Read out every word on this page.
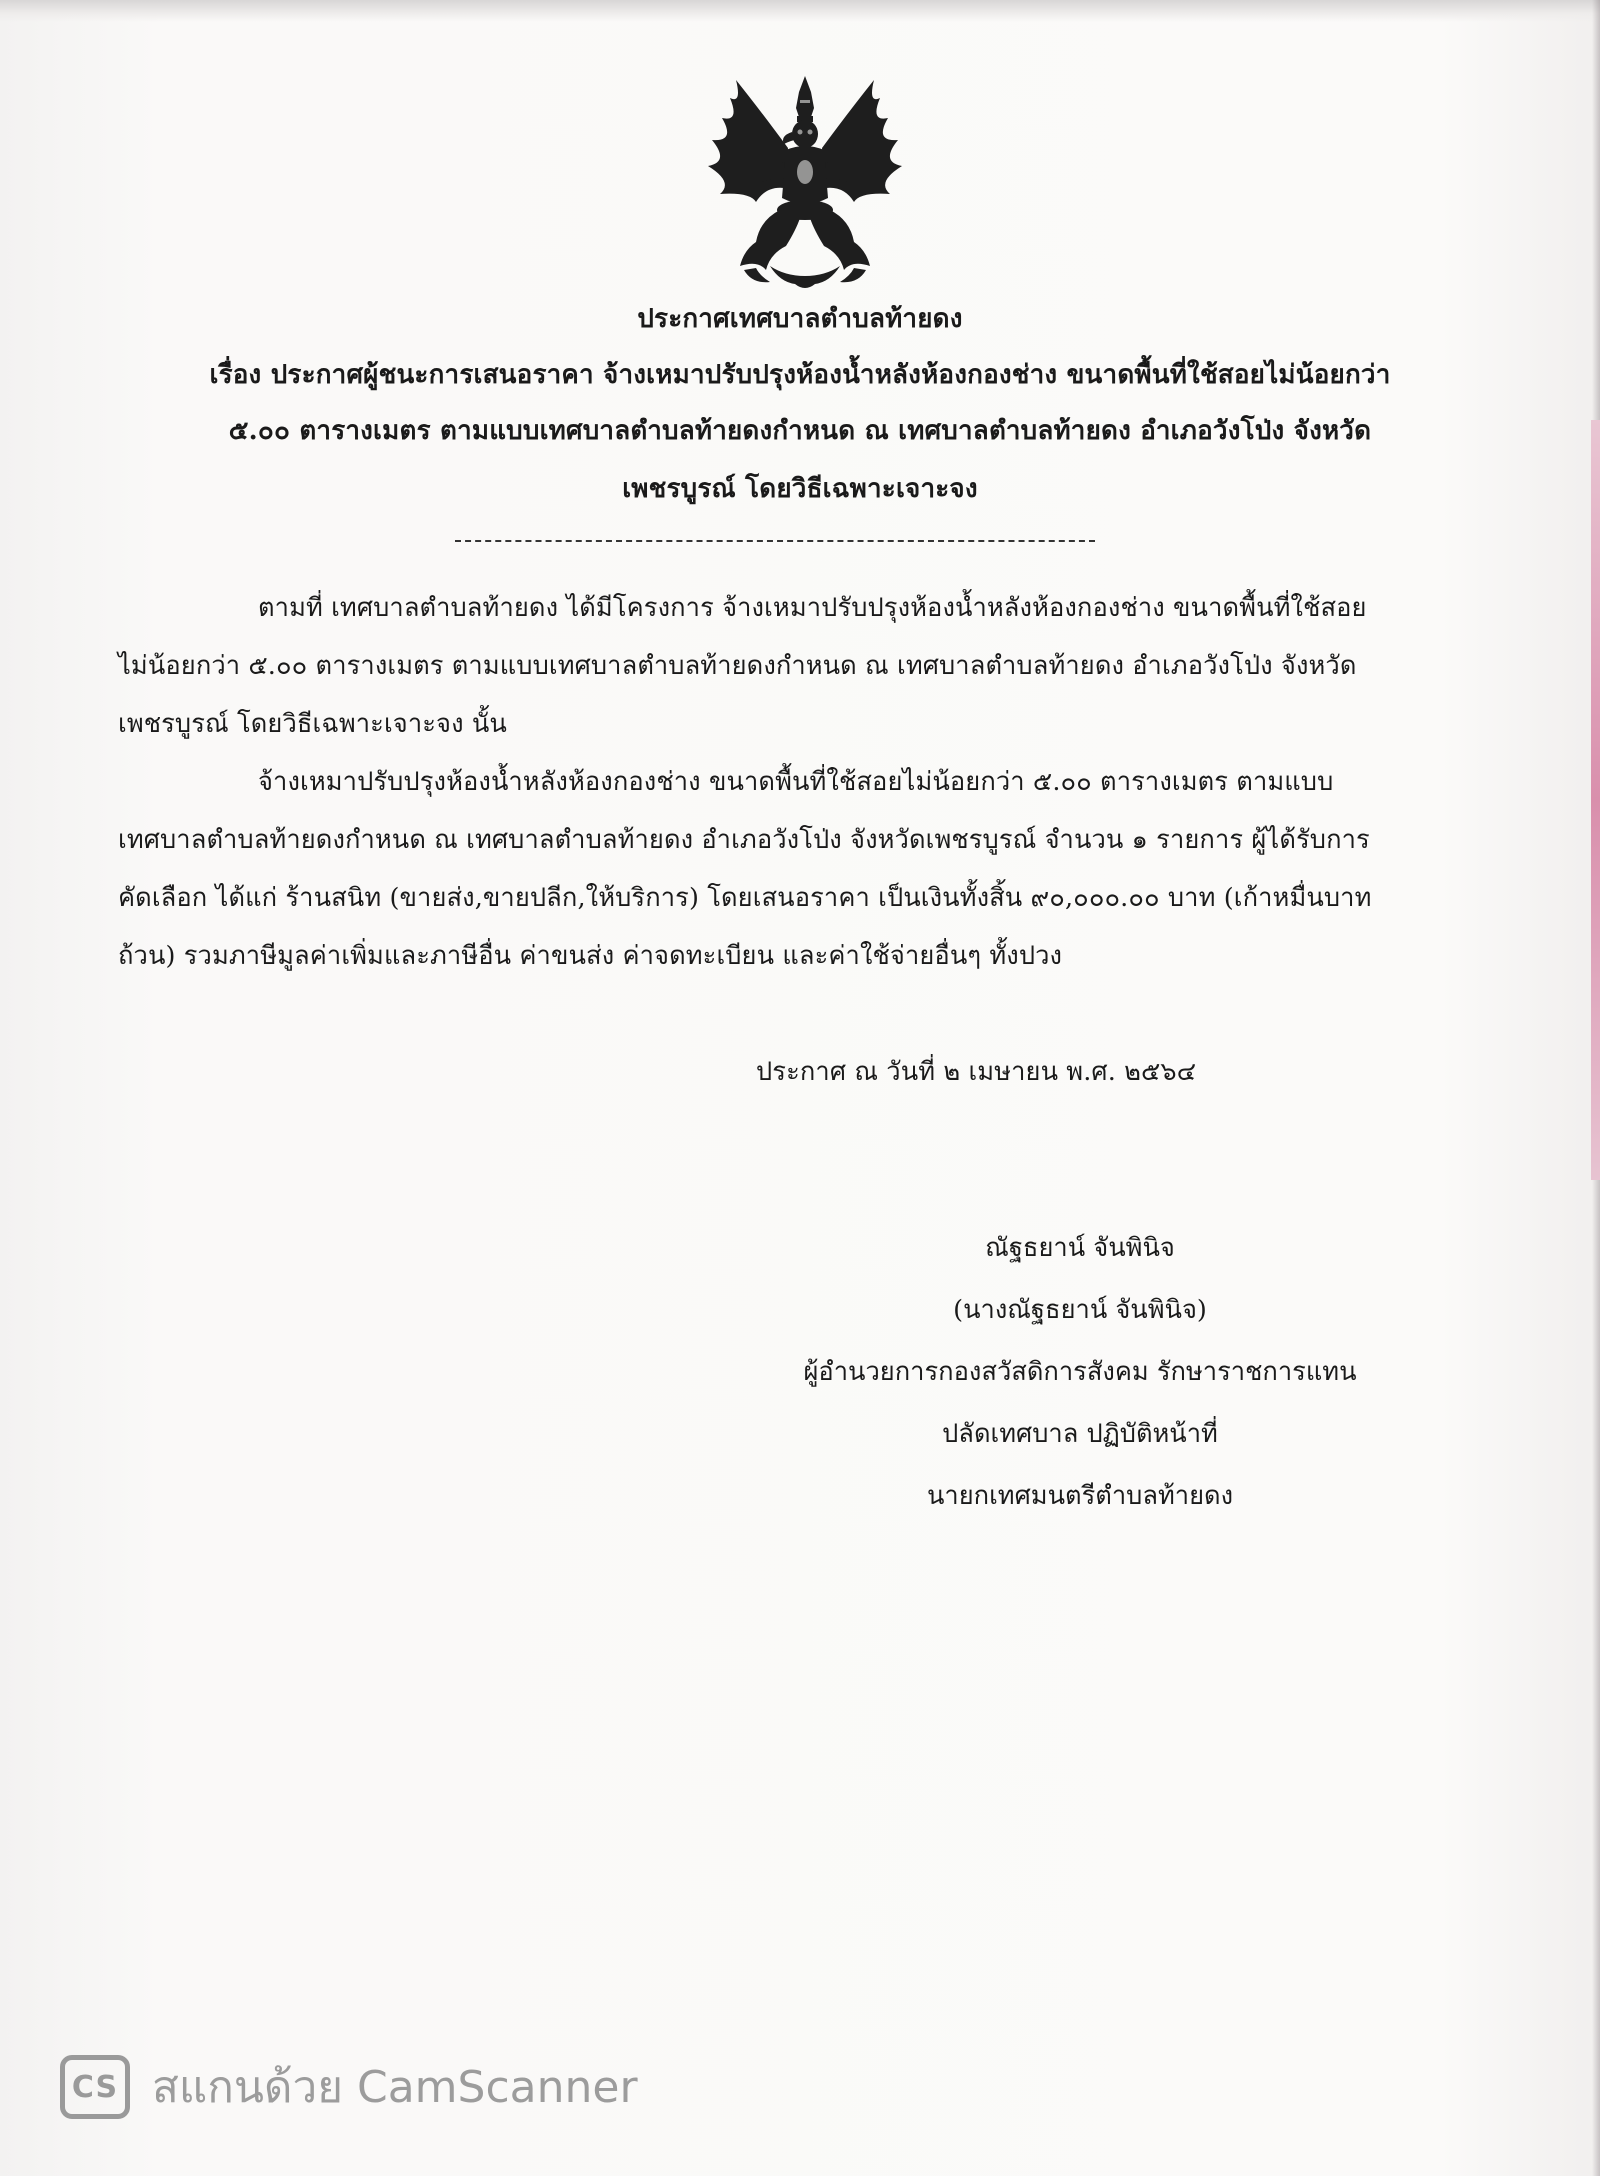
ประกาศเทศบาลตำบลท้ายดง
เรื่อง ประกาศผู้ชนะการเสนอราคา จ้างเหมาปรับปรุงห้องน้ำหลังห้องกองช่าง ขนาดพื้นที่ใช้สอยไม่น้อยกว่า
๕.๐๐ ตารางเมตร ตามแบบเทศบาลตำบลท้ายดงกำหนด ณ เทศบาลตำบลท้ายดง อำเภอวังโป่ง จังหวัด
เพชรบูรณ์ โดยวิธีเฉพาะเจาะจง
ตามที่ เทศบาลตำบลท้ายดง ได้มีโครงการ จ้างเหมาปรับปรุงห้องน้ำหลังห้องกองช่าง ขนาดพื้นที่ใช้สอย
ไม่น้อยกว่า ๕.๐๐ ตารางเมตร ตามแบบเทศบาลตำบลท้ายดงกำหนด ณ เทศบาลตำบลท้ายดง อำเภอวังโป่ง จังหวัด
เพชรบูรณ์ โดยวิธีเฉพาะเจาะจง นั้น
จ้างเหมาปรับปรุงห้องน้ำหลังห้องกองช่าง ขนาดพื้นที่ใช้สอยไม่น้อยกว่า ๕.๐๐ ตารางเมตร ตามแบบ
เทศบาลตำบลท้ายดงกำหนด ณ เทศบาลตำบลท้ายดง อำเภอวังโป่ง จังหวัดเพชรบูรณ์ จำนวน ๑ รายการ ผู้ได้รับการ
คัดเลือก ได้แก่ ร้านสนิท (ขายส่ง,ขายปลีก,ให้บริการ) โดยเสนอราคา เป็นเงินทั้งสิ้น ๙๐,๐๐๐.๐๐ บาท (เก้าหมื่นบาท
ถ้วน) รวมภาษีมูลค่าเพิ่มและภาษีอื่น ค่าขนส่ง ค่าจดทะเบียน และค่าใช้จ่ายอื่นๆ ทั้งปวง
ประกาศ ณ วันที่ ๒ เมษายน พ.ศ. ๒๕๖๔
ณัฐธยาน์ จันพินิจ
(นางณัฐธยาน์ จันพินิจ)
ผู้อำนวยการกองสวัสดิการสังคม รักษาราชการแทน
ปลัดเทศบาล ปฏิบัติหน้าที่
นายกเทศมนตรีตำบลท้ายดง
CS สแกนด้วย CamScanner
